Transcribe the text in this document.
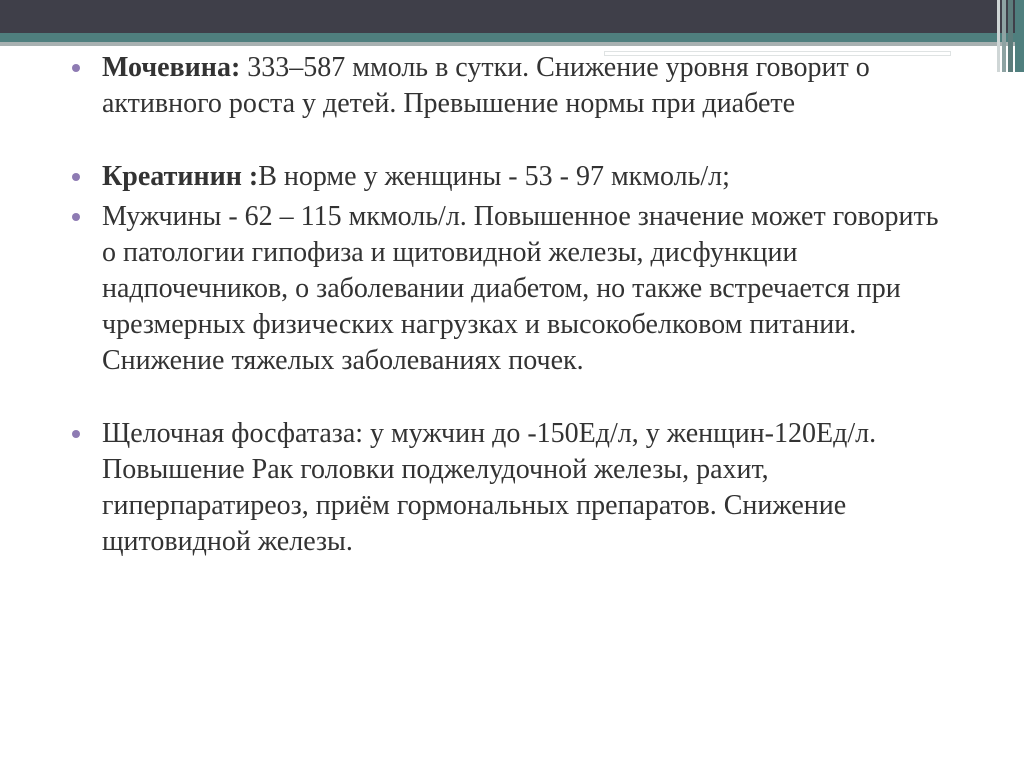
Мочевина: 333–587 ммоль в сутки. Снижение уровня говорит о активного роста у детей. Превышение нормы при диабете
Креатинин :В норме у женщины - 53 - 97 мкмоль/л;
Мужчины - 62 – 115 мкмоль/л. Повышенное значение может говорить о патологии гипофиза и щитовидной железы, дисфункции надпочечников, о заболевании диабетом, но также встречается при чрезмерных физических нагрузках и высокобелковом питании. Снижение тяжелых заболеваниях почек.
Щелочная фосфатаза: у мужчин до -150Ед/л, у женщин-120Ед/л. Повышение Рак головки поджелудочной железы, рахит, гиперпаратиреоз, приём гормональных препаратов. Снижение щитовидной железы.
